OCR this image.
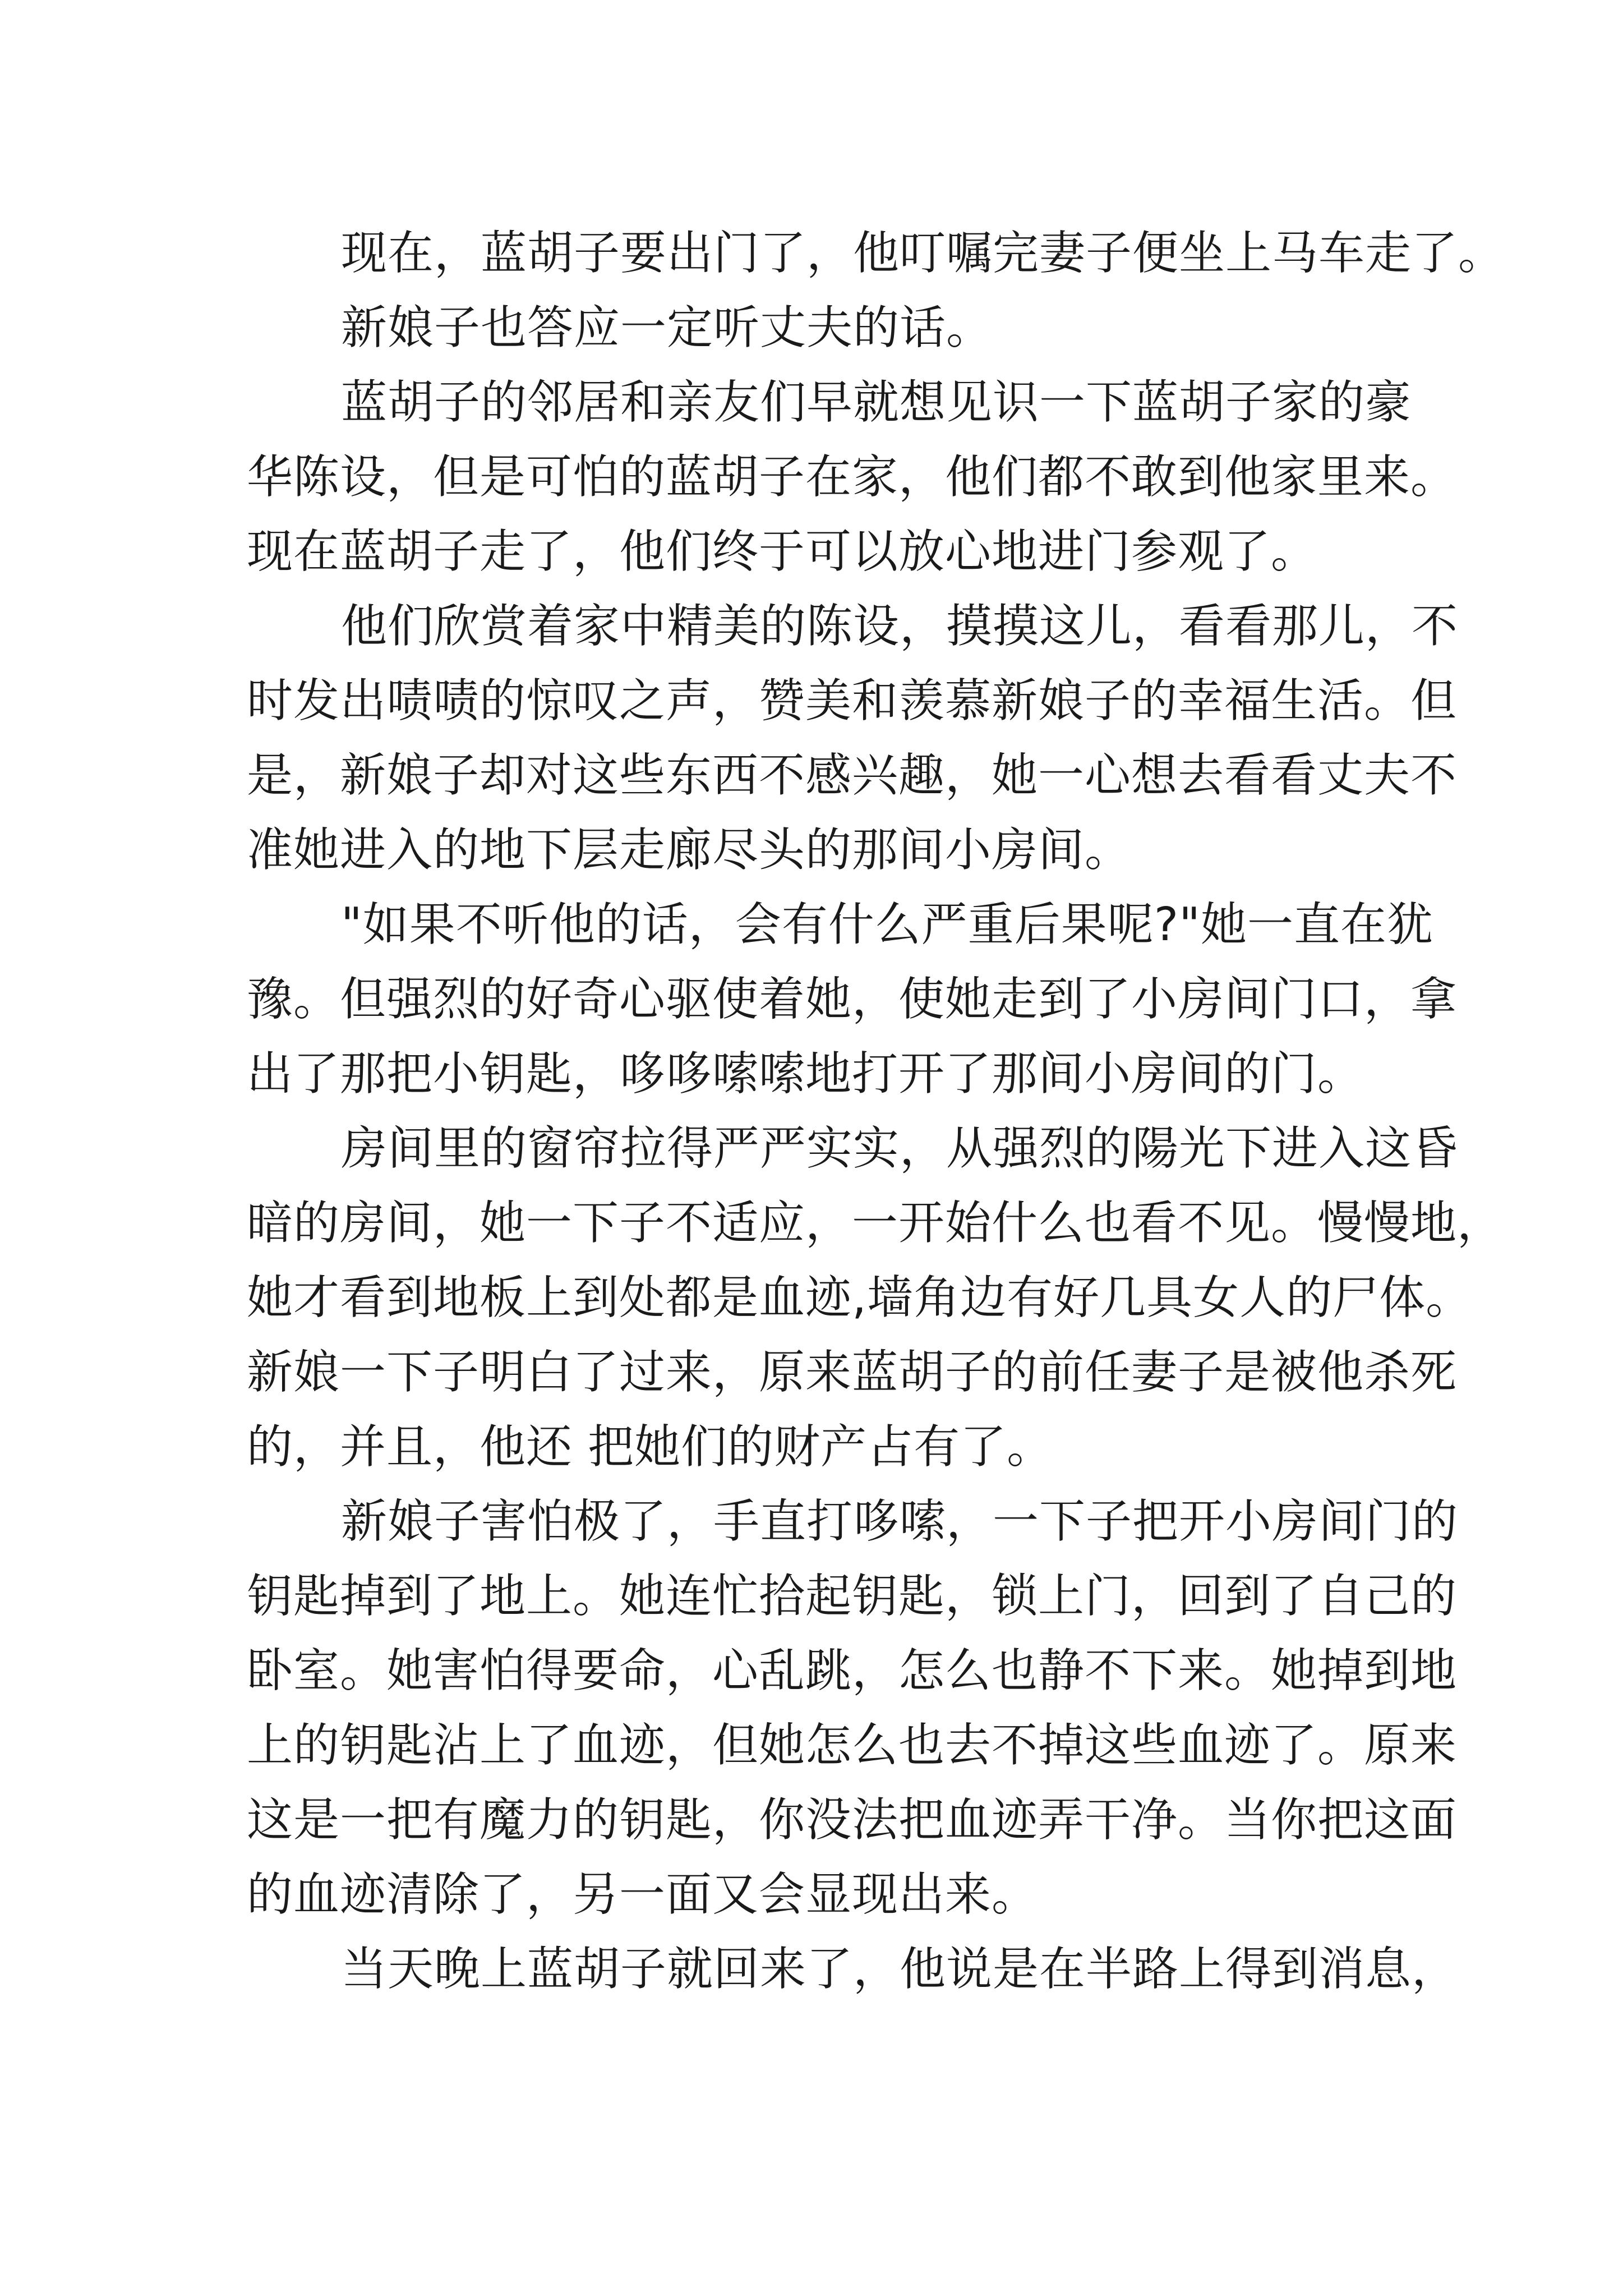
现在，蓝胡子要出门了，他叮嘱完妻子便坐上马车走了。
新娘子也答应一定听丈夫的话。
蓝胡子的邻居和亲友们早就想见识一下蓝胡子家的豪
华陈设，但是可怕的蓝胡子在家，他们都不敢到他家里来。
现在蓝胡子走了，他们终于可以放心地进门参观了。
他们欣赏着家中精美的陈设，摸摸这儿，看看那儿，不
时发出啧啧的惊叹之声，赞美和羡慕新娘子的幸福生活。但
是，新娘子却对这些东西不感兴趣，她一心想去看看丈夫不
准她进入的地下层走廊尽头的那间小房间。
"如果不听他的话，会有什么严重后果呢?"她一直在犹
豫。但强烈的好奇心驱使着她，使她走到了小房间门口，拿
出了那把小钥匙，哆哆嗦嗦地打开了那间小房间的门。
房间里的窗帘拉得严严实实，从强烈的陽光下进入这昏
暗的房间，她一下子不适应，一开始什么也看不见。慢慢地，
她才看到地板上到处都是血迹,墙角边有好几具女人的尸体。
新娘一下子明白了过来，原来蓝胡子的前任妻子是被他杀死
的，并且，他还 把她们的财产占有了。
新娘子害怕极了，手直打哆嗦，一下子把开小房间门的
钥匙掉到了地上。她连忙拾起钥匙，锁上门，回到了自己的
卧室。她害怕得要命，心乱跳，怎么也静不下来。她掉到地
上的钥匙沾上了血迹，但她怎么也去不掉这些血迹了。原来
这是一把有魔力的钥匙，你没法把血迹弄干净。当你把这面
的血迹清除了，另一面又会显现出来。
当天晚上蓝胡子就回来了，他说是在半路上得到消息，
